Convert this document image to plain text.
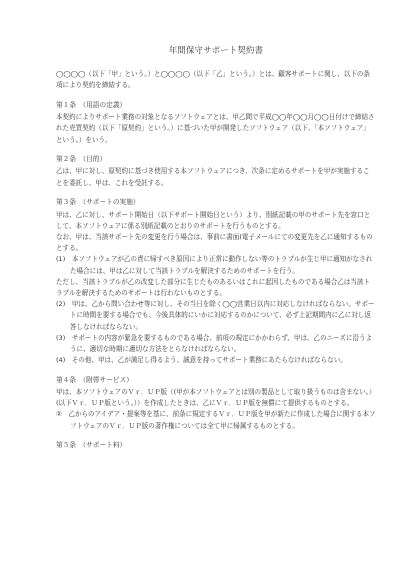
年間保守サポート契約書

◯◯◯◯（以下「甲」という。）と◯◯◯◯（以下「乙」という。）とは、顧客サポートに関し、以下の条項により契約を締結する。

第１条　（用語の定義）

本契約によりサポート業務の対象となるソフトウェアとは、甲乙間で平成◯◯年◯◯月◯◯日付けで締結された売買契約（以下「原契約」という。）に基づいた甲が開発したソフトウェア（以下、「本ソフトウェア」という。）をいう。

第２条　（目的）

乙は、甲に対し、原契約に基づき使用する本ソフトウェアにつき、次条に定めるサポートを甲が実施することを委託し、甲は、これを受託する。

第３条　（サポートの実施）

甲は、乙に対し、サポート開始日（以下サポート開始日という）より、別紙記載の甲のサポート先を窓口として、本ソフトウェアに係る別紙記載のとおりのサポートを行うものとする。

なお、甲は、当該サポート先の変更を行う場合は、事前に書面(電子メールにての変更先を乙に通知するものとする。

(1)　本ソフトウェアが乙の責に帰すべき原因により正常に動作しない等のトラブルが生じ甲に通知がなされた場合には、甲は乙に対して当該トラブルを解決するためのサポートを行う。

ただし、当該トラブルが乙の改変した部分に生じたものあるいはこれに起因したものである場合乙は当該トラブルを解決するためのサポートは行わないものとする。

(2)　甲は、乙から問い合わせ等に対し、その当日を除く◯◯営業日以内に対応しなければならない。サポートに時間を要する場合でも、今後具体的にいかに対応するのかについて、必ず上記期間内に乙に対し返答しなければならない。

(3)　サポートの内容が緊急を要するものである場合、前項の規定にかかわらず、甲は、乙のニーズに沿うように、適切な時期に適切な方法をとらなければならない。

(4)　その他、甲は、乙が満足し得るよう、誠意を持ってサポート業務にあたらなければならない。

第４条　（附帯サービス）

甲は、本ソフトウェアのＶｒ．ＵＰ版（(甲が本ソフトウェアとは別の製品として取り扱うものは含まない。）(以下Ｖｒ．ＵＰ版という。））を作成したときは、乙にＶｒ．ＵＰ版を無償にて提供するものとする。

②　乙からのアイデア・提案等を基に、前条に規定するＶｒ．ＵＰ版を甲が新たに作成した場合に関する本ソフトウェアのＶｒ．ＵＰ版の著作権については全て甲に帰属するものとする。

第５条　（サポート料）
